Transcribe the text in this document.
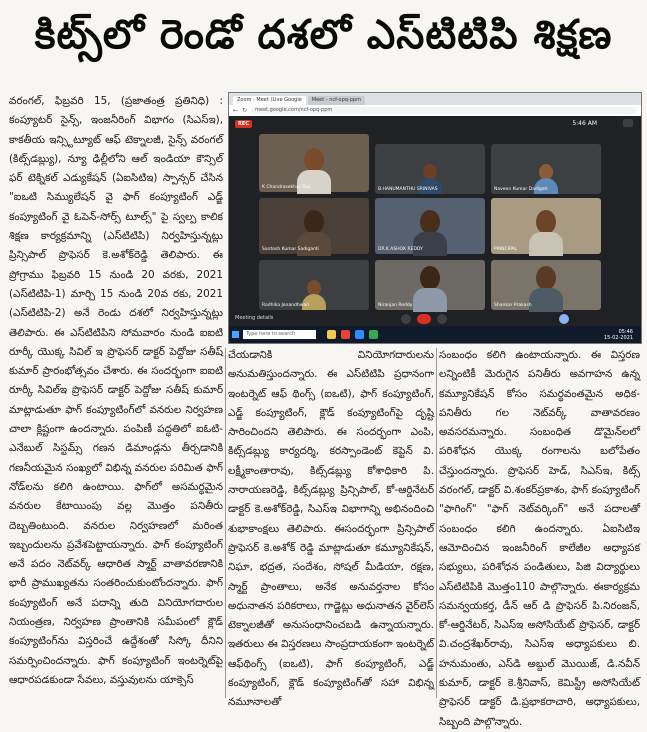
కిట్స్‌లో రెండో దశలో ఎస్‌టిటిపి శిక్షణ

వరంగల్, ఫిబ్రవరి 15, (ప్రజాతంత్ర ప్రతినిధి) : కంప్యూటర్ సైన్స్, ఇంజనీరింగ్ విభాగం (సిఎస్‌ఇ), కాకతీయ ఇన్స్టిట్యూట్ ఆఫ్ టెక్నాలజీ, సైన్స్ వరంగల్ (కిట్స్‌డబ్ల్యు), న్యూ ఢిల్లీలోని ఆల్ ఇండియా కౌన్సిల్ ఫర్ టెక్నికల్ ఎడ్యుకేషన్ (ఏఐసిటిఇ) స్పాన్సర్ చేసిన "ఐఒటి సిమ్యులేషన్ వై ఫాగ్ కంప్యూటింగ్ ఎడ్జ్ కంప్యూటింగ్ వై ఓపెన్-సోర్స్ టూల్స్" పై స్వల్ప కాలిక శిక్షణ కార్యక్రమాన్ని (ఎస్‌టిటిపి) నిర్వహిస్తున్నట్లు ప్రిన్సిపాల్ ప్రొఫెసర్ కె.అశోక్‌రెడ్డి తెలిపారు. ఈ ప్రోగ్రాము ఫిబ్రవరి 15 నుండి 20 వరకు, 2021 (ఎస్‌టిటిపి-1) మార్చి 15 నుండి 20వ రకు, 2021 (ఎస్‌టిటిపి-2) అనే రెండు దశలో నిర్వహిస్తున్నట్లు తెలిపారు. ఈ ఎస్‌టిటిపిని సోమవారం నుండి ఐఐటి రూర్కీ యొక్క సివిల్ ఇ ప్రొఫెసర్ డాక్టర్ పెద్దోజు సతీష్ కుమార్ ప్రారంభోత్సవం చేశారు. ఈ సందర్భంగా ఐఐటి రూర్కీ సివిల్‌ఇ ప్రొఫెసర్ డాక్టర్ పెద్దోజు సతీష్ కుమార్ మాట్లాడుతూ ఫాగ్ కంప్యూటింగ్‌లో వనరుల నిర్వహణ చాలా క్లిష్టంగా ఉందన్నారు. పంపిణీ పద్ధతిలో ఐఓటి-ఎనేబుల్ సిస్టమ్స్ గణన డిమాండ్లను తీర్చడానికి గణనీయమైన సంఖ్యలో విభిన్న వనరుల పరిమిత ఫాగ్ నోడ్‌లను కలిగి ఉంటాయి. ఫాగ్‌లో అసమర్థమైన వనరుల కేటాయింపు వల్ల మొత్తం పనితీరు దెబ్బతింటుంది. వనరుల నిర్వహణలో మరింత ఇబ్బందులను ప్రవేశపెట్టాయన్నారు. ఫాగ్ కంప్యూటింగ్ అనే పదం నెట్‌వర్క్ ఆధారిత స్మార్ట్ వాతావరణానికి భారీ ప్రాముఖ్యతను సంతరించుకుంటోందన్నారు. ఫాగ్ కంప్యూటింగ్ అనే పదాన్ని తుది వినియోగదారుల నియంత్రణ, నిర్వహణ ప్రాంతానికి సమీపంలో క్లౌడ్ కంప్యూటింగ్‌ను విస్తరించే ఉద్దేశంతో సిస్కో దీనిని సమర్పించిందన్నారు. ఫాగ్ కంప్యూటింగ్ ఇంటర్నెట్‌పై ఆధారపడకుండా సేవలు, వస్తువులను యాక్సెస్

Zoom - Meet (Live Google	Meet - ncf-opq-ppm
← ↻	meet.google.com/ncf-opq-ppm
REC	5:46 AM
K Chandrasekhar Rao	B.HANUMANTHU SRINIVAS	Naveen Kumar Dadigeti
Santosh Kumar Sadiganti	DR.K.ASHOK REDDY	PRINCIPAL
Radhika Jonandhwari	Niranjan Reddy	Shankar Prakash
Meeting details
Type here to search	05:46
15-02-2021

చేయడానికి వినియోగదారులను అనుమతిస్తుందన్నారు. ఈ ఎస్‌టిటిపి ప్రధానంగా ఇంటర్నెట్ ఆఫ్ థింగ్స్ (ఐఒటి), ఫాగ్ కంప్యూటింగ్, ఎడ్జ్ కంప్యూటింగ్, క్లౌడ్ కంప్యూటింగ్‌పై దృష్టి సారించిందని తెలిపారు. ఈ సందర్భంగా ఎంపి, కిట్స్‌డబ్ల్యు కార్యదర్శి, కరస్పాండెంట్ కెప్టెన్ వి. లక్ష్మీకాంతారావు, కిట్స్‌డబ్ల్యు కోశాధికారి పి. నారాయణరెడ్డి, కిట్స్‌డబ్ల్యు ప్రిన్సిపాల్, కో-ఆర్డినేటర్ డాక్టర్ కె.అశోక్‌రెడ్డి, సిఎస్‌ఇ విభాగాన్ని అభినందించి శుభాకాంక్షలు తెలిపారు. ఈసందర్భంగా ప్రిన్సిపాల్ ప్రొఫెసర్ కె.అశోక్ రెడ్డి మాట్లాడుతూ కమ్యూనికేషన్, నిఘా, భద్రత, సందేశం, సోషల్ మీడియా, రక్షణ, స్మార్ట్ ప్రాంతాలు, అనేక అనువర్తనాల కోసం అధునాతన పరికరాలు, గాడ్జెట్లు అధునాతన వైర్‌లెస్ టెక్నాలజీతో అనుసంధానించబడి ఉన్నాయన్నారు. ఇతరులు ఈ విస్తరణలు సాంప్రదాయకంగా ఇంటర్నెట్ ఆఫ్‌థింగ్స్ (ఐఒటి), ఫాగ్ కంప్యూటింగ్, ఎడ్జ్ కంప్యూటింగ్, క్లౌడ్ కంప్యూటింగ్‌తో సహా విభిన్న నమూనాలతో

సంబంధం కలిగి ఉంటాయన్నారు. ఈ విస్తరణ లన్నింటికీ మెరుగైన పనితీరు అవగాహన ఉన్న కమ్యూనికేషన్ కోసం సమర్థవంతమైన అధిక-పనితీరు గల నెట్‌వర్క్ వాతావరణం అవసరమన్నారు. సంబంధిత డొమైన్‌లలో పరిశోధన యొక్క రంగాలను బలోపేతం చేస్తుందన్నారు. ప్రొఫెసర్ హెడ్, సిఎస్‌ఇ, కిట్స్ వరంగల్, డాక్టర్ వి.శంకర్‌ప్రకాశం, ఫాగ్ కంప్యూటింగ్ "ఫాగింగ్" "ఫాగ్ నెట్‌వర్కింగ్" అనే పదాలతో సంబంధం కలిగి ఉందన్నారు. ఏఐసిటిఇ ఆమోదించిన ఇంజనీరింగ్ కాలేజీల అధ్యాపక సభ్యులు, పరిశోధన పండితులు, పిజి విద్యార్థులు ఎస్‌టిటిపికి మొత్తం110 పాల్గొన్నారు. ఈకార్యక్రమ సమన్వయకర్త, డీన్ ఆర్ డి ప్రొఫెసర్ పి.నిరంజన్, కో-ఆర్డినేటర్, సిఎస్‌ఇ అసోసియేట్ ప్రొఫెసర్, డాక్టర్ వి.చంద్రశేఖర్‌రావు, సిఎస్‌ఇ అధ్యాపకులు బి. హనుమంతు, ఎస్‌డి అబ్దుల్ మొయిజ్, డి.నవీన్ కుమార్, డాక్టర్ కె.శ్రీనివాస్, కెమిస్ట్రీ అసోసియేట్ ప్రొఫెసర్ డాక్టర్ డి.ప్రభాకరాచారి, అధ్యాపకులు, సిబ్బంది పాల్గొన్నారు.
